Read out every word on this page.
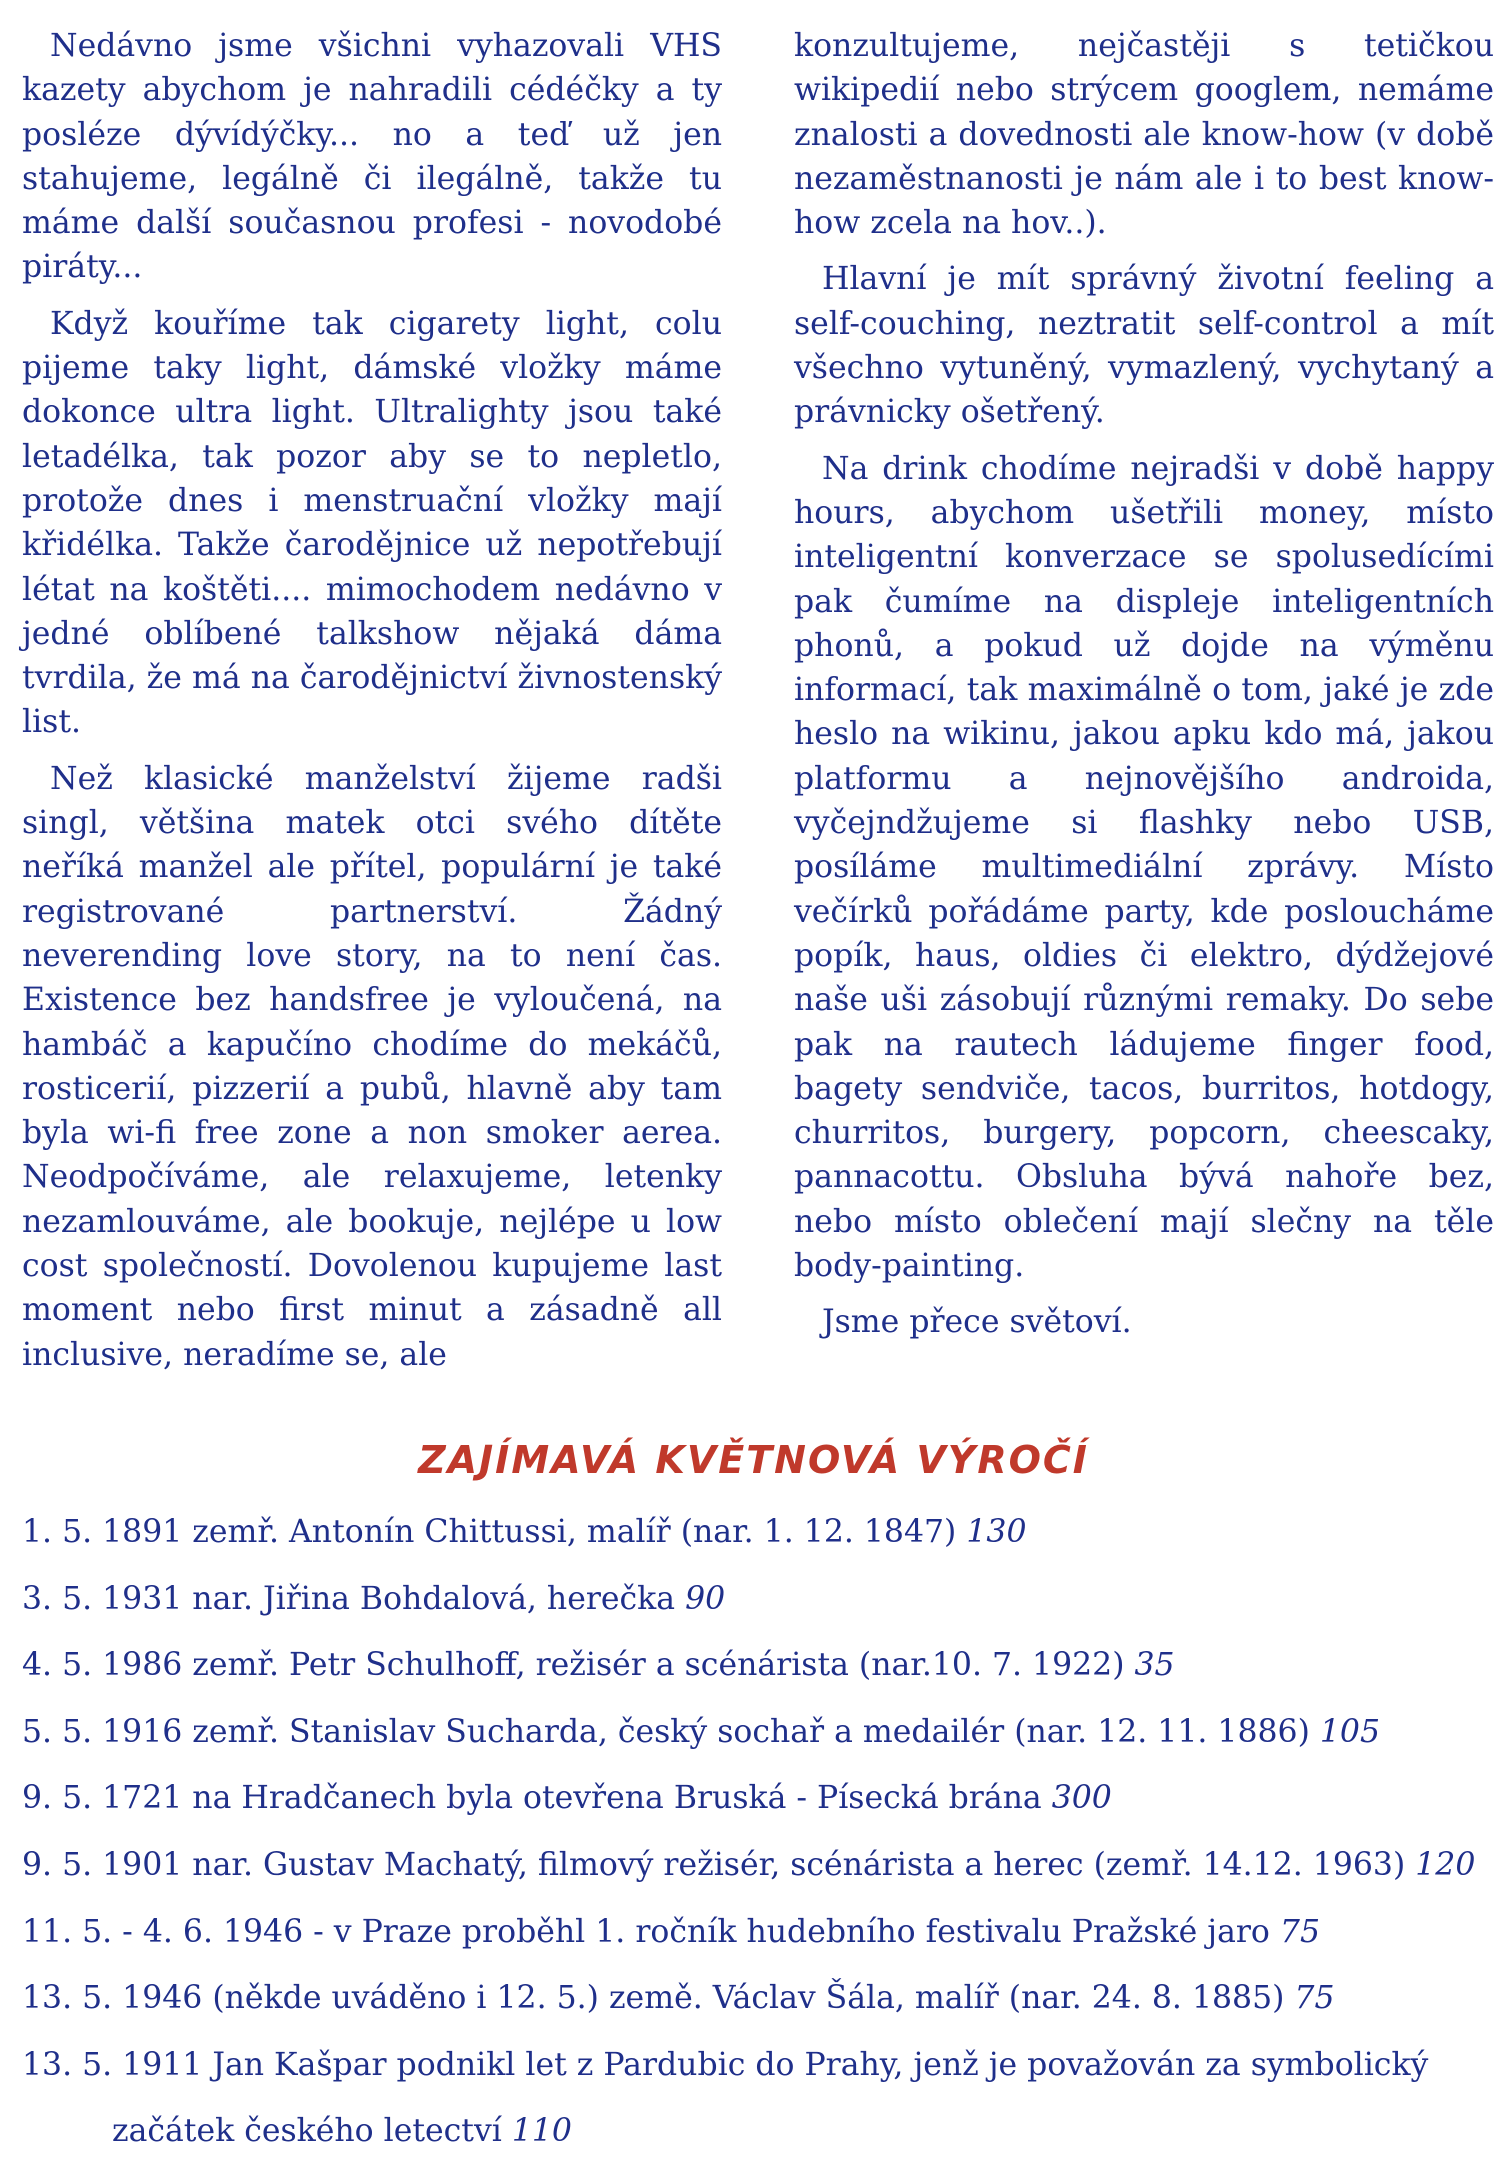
Nedávno jsme všichni vyhazovali VHS kazety abychom je nahradili cédéčky a ty posléze dývídýčky... no a teď už jen stahujeme, legálně či ilegálně, takže tu máme další současnou profesi - novodobé piráty...

Když kouříme tak cigarety light, colu pijeme taky light, dámské vložky máme dokonce ultra light. Ultralighty jsou také letadélka, tak pozor aby se to nepletlo, protože dnes i menstruační vložky mají křidélka. Takže čarodějnice už nepotřebují létat na koštěti.... mimochodem nedávno v jedné oblíbené talkshow nějaká dáma tvrdila, že má na čarodějnictví živnostenský list.

Než klasické manželství žijeme radši singl, většina matek otci svého dítěte neříká manžel ale přítel, populární je také registrované partnerství. Žádný neverending love story, na to není čas. Existence bez handsfree je vyloučená, na hambáč a kapučíno chodíme do mekáčů, rosticerií, pizzerií a pubů, hlavně aby tam byla wi-fi free zone a non smoker aerea. Neodpočíváme, ale relaxujeme, letenky nezamlouváme, ale bookuje, nejlépe u low cost společností. Dovolenou kupujeme last moment nebo first minut a zásadně all inclusive, neradíme se, ale

konzultujeme, nejčastěji s tetičkou wikipedií nebo strýcem googlem, nemáme znalosti a dovednosti ale know-how (v době nezaměstnanosti je nám ale i to best know-how zcela na hov..).

Hlavní je mít správný životní feeling a self-couching, neztratit self-control a mít všechno vytuněný, vymazlený, vychytaný a právnicky ošetřený.

Na drink chodíme nejradši v době happy hours, abychom ušetřili money, místo inteligentní konverzace se spolusedícími pak čumíme na displeje inteligentních phonů, a pokud už dojde na výměnu informací, tak maximálně o tom, jaké je zde heslo na wikinu, jakou apku kdo má, jakou platformu a nejnovějšího androida, vyčejndžujeme si flashky nebo USB, posíláme multimediální zprávy. Místo večírků pořádáme party, kde posloucháme popík, haus, oldies či elektro, dýdžejové naše uši zásobují různými remaky. Do sebe pak na rautech ládujeme finger food, bagety sendviče, tacos, burritos, hotdogy, churritos, burgery, popcorn, cheescaky, pannacottu. Obsluha bývá nahoře bez, nebo místo oblečení mají slečny na těle body-painting.

Jsme přece světoví.

ZAJÍMAVÁ KVĚTNOVÁ VÝROČÍ
1. 5. 1891 zemř. Antonín Chittussi, malíř (nar. 1. 12. 1847) 130
3. 5. 1931 nar. Jiřina Bohdalová, herečka 90
4. 5. 1986 zemř. Petr Schulhoff, režisér a scénárista (nar.10. 7. 1922) 35
5. 5. 1916 zemř. Stanislav Sucharda, český sochař a medailér (nar. 12. 11. 1886) 105
9. 5. 1721 na Hradčanech byla otevřena Bruská - Písecká brána 300
9. 5. 1901 nar. Gustav Machatý, filmový režisér, scénárista a herec (zemř. 14.12. 1963) 120
11. 5. - 4. 6. 1946 - v Praze proběhl 1. ročník hudebního festivalu Pražské jaro 75
13. 5. 1946 (někde uváděno i 12. 5.) země. Václav Šála, malíř (nar. 24. 8. 1885) 75
13. 5. 1911 Jan Kašpar podnikl let z Pardubic do Prahy, jenž je považován za symbolický
začátek českého letectví 110
